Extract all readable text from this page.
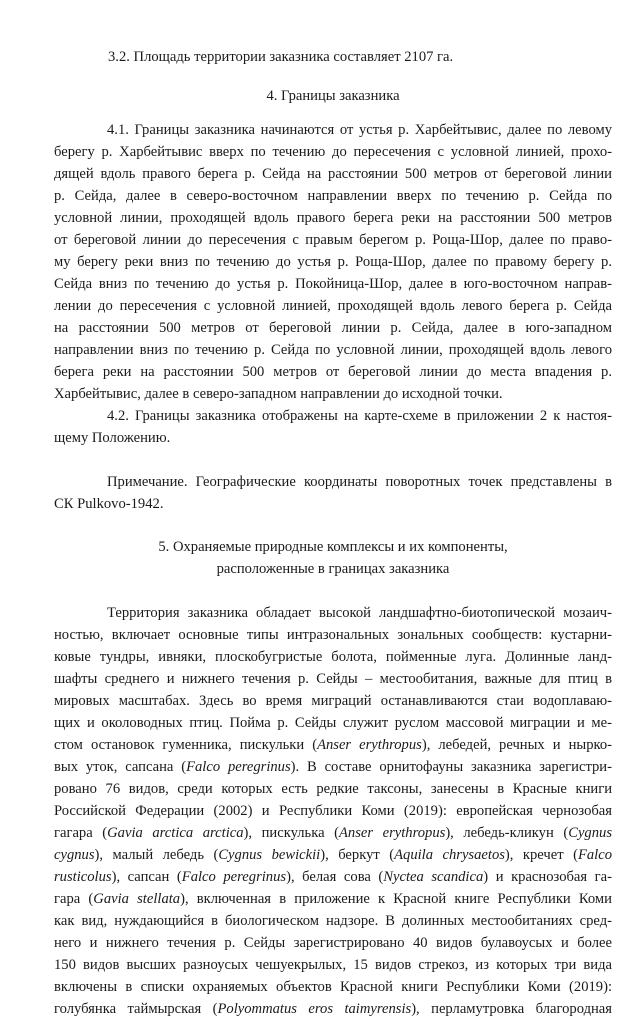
3.2. Площадь территории заказника составляет 2107 га.

4. Границы заказника

4.1. Границы заказника начинаются от устья р. Харбейтывис, далее по левому

берегу р. Харбейтывис вверх по течению до пересечения с условной линией, прохо-

дящей вдоль правого берега р. Сейда на расстоянии 500 метров от береговой линии

р. Сейда, далее в северо-восточном направлении вверх по течению р. Сейда по

условной линии, проходящей вдоль правого берега реки на расстоянии 500 метров

от береговой линии до пересечения с правым берегом р. Роща-Шор, далее по право-

му берегу реки вниз по течению до устья р. Роща-Шор, далее по правому берегу р.

Сейда вниз по течению до устья р. Покойница-Шор, далее в юго-восточном направ-

лении до пересечения с условной линией, проходящей вдоль левого берега р. Сейда

на расстоянии 500 метров от береговой линии р. Сейда, далее в юго-западном

направлении вниз по течению р. Сейда по условной линии, проходящей вдоль левого

берега реки на расстоянии 500 метров от береговой линии до места впадения р.

Харбейтывис, далее в северо-западном направлении до исходной точки.

4.2. Границы заказника отображены на карте-схеме в приложении 2 к настоя-

щему Положению.

Примечание. Географические координаты поворотных точек представлены в

СК Pulkovo-1942.

5. Охраняемые природные комплексы и их компоненты,

расположенные в границах заказника

Территория заказника обладает высокой ландшафтно-биотопической мозаич-

ностью, включает основные типы интразональных зональных сообществ: кустарни-

ковые тундры, ивняки, плоскобугристые болота, пойменные луга. Долинные ланд-

шафты среднего и нижнего течения р. Сейды – местообитания, важные для птиц в

мировых масштабах. Здесь во время миграций останавливаются стаи водоплаваю-

щих и околоводных птиц. Пойма р. Сейды служит руслом массовой миграции и ме-

стом остановок гуменника, пискульки (Anser erythropus), лебедей, речных и нырко-

вых уток, сапсана (Falco peregrinus). В составе орнитофауны заказника зарегистри-

ровано 76 видов, среди которых есть редкие таксоны, занесены в Красные книги

Российской Федерации (2002) и Республики Коми (2019): европейская чернозобая

гагара (Gavia arctica arctica), пискулька (Anser erythropus), лебедь-кликун (Cygnus

cygnus), малый лебедь (Cygnus bewickii), беркут (Aquila chrysaetos), кречет (Falco

rusticolus), сапсан (Falco peregrinus), белая сова (Nyctea scandica) и краснозобая га-

гара (Gavia stellata), включенная в приложение к Красной книге Республики Коми

как вид, нуждающийся в биологическом надзоре. В долинных местообитаниях сред-

него и нижнего течения р. Сейды зарегистрировано 40 видов булавоусых и более

150 видов высших разноусых чешуекрылых, 15 видов стрекоз, из которых три вида

включены в списки охраняемых объектов Красной книги Республики Коми (2019):

голубянка таймырская (Polyommatus eros taimyrensis), перламутровка благородная
